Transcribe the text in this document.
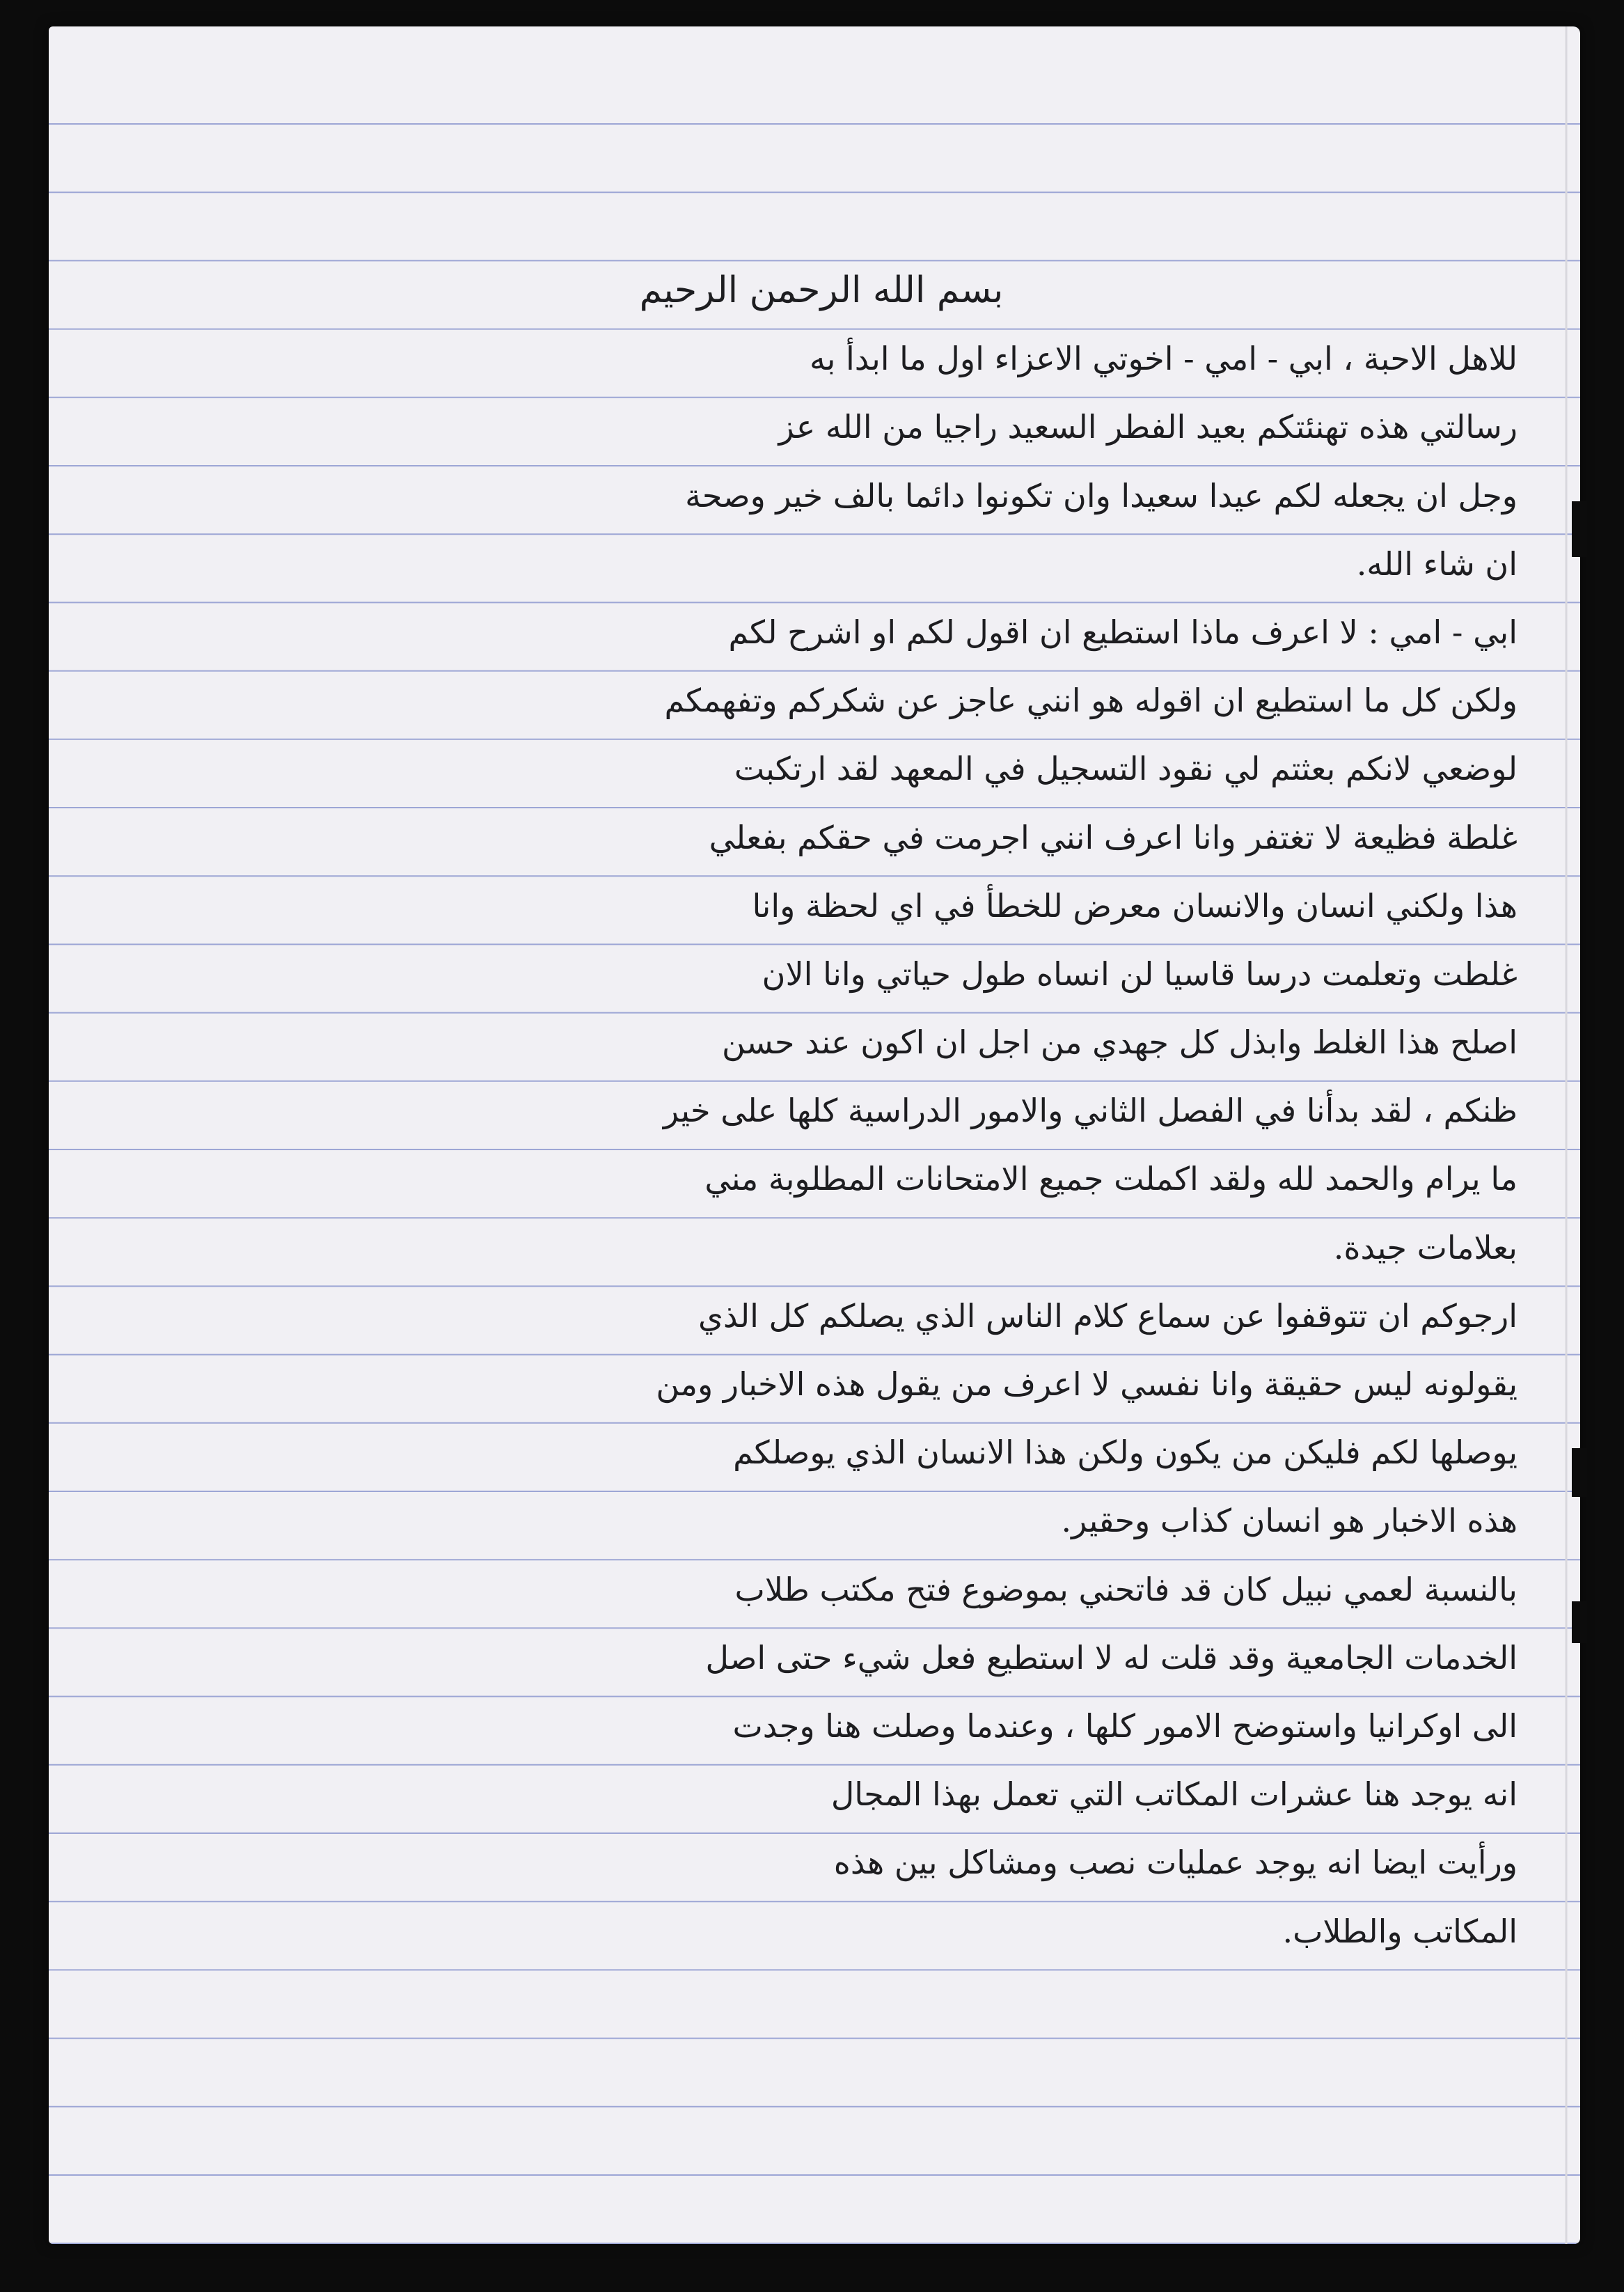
بسم الله الرحمن الرحيم

للاهل الاحبة ، ابي - امي - اخوتي الاعزاء اول ما ابدأ به

رسالتي هذه تهنئتكم بعيد الفطر السعيد راجيا من الله عز

وجل ان يجعله لكم عيدا سعيدا وان تكونوا دائما بالف خير وصحة

ان شاء الله.

ابي - امي : لا اعرف ماذا استطيع ان اقول لكم او اشرح لكم

ولكن كل ما استطيع ان اقوله هو انني عاجز عن شكركم وتفهمكم

لوضعي لانكم بعثتم لي نقود التسجيل في المعهد لقد ارتكبت

غلطة فظيعة لا تغتفر وانا اعرف انني اجرمت في حقكم بفعلي

هذا ولكني انسان والانسان معرض للخطأ في اي لحظة وانا

غلطت وتعلمت درسا قاسيا لن انساه طول حياتي وانا الان

اصلح هذا الغلط وابذل كل جهدي من اجل ان اكون عند حسن

ظنكم ، لقد بدأنا في الفصل الثاني والامور الدراسية كلها على خير

ما يرام والحمد لله ولقد اكملت جميع الامتحانات المطلوبة مني

بعلامات جيدة.

ارجوكم ان تتوقفوا عن سماع كلام الناس الذي يصلكم كل الذي

يقولونه ليس حقيقة وانا نفسي لا اعرف من يقول هذه الاخبار ومن

يوصلها لكم فليكن من يكون ولكن هذا الانسان الذي يوصلكم

هذه الاخبار هو انسان كذاب وحقير.

بالنسبة لعمي نبيل كان قد فاتحني بموضوع فتح مكتب طلاب

الخدمات الجامعية وقد قلت له لا استطيع فعل شيء حتى اصل

الى اوكرانيا واستوضح الامور كلها ، وعندما وصلت هنا وجدت

انه يوجد هنا عشرات المكاتب التي تعمل بهذا المجال

ورأيت ايضا انه يوجد عمليات نصب ومشاكل بين هذه

المكاتب والطلاب.
